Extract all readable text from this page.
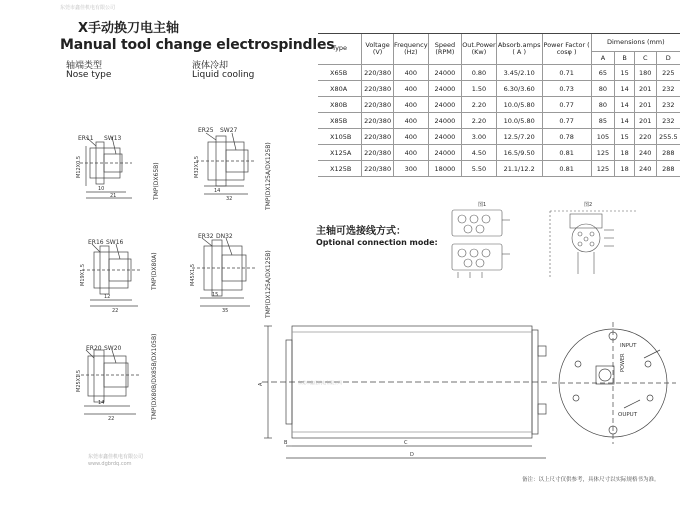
东莞市鑫佳机电有限公司
X手动换刀电主轴
Manual tool change electrospindles
轴端类型
Nose type
液体冷却
Liquid cooling
Type	Voltage (V)	Frequency (Hz)	Speed (RPM)	Out.Power (Kw)	Absorb.amps ( A )	Power Factor ( cosφ )	Dimensions (mm)			
							A	B	C	D
X65B	220/380	400	24000	0.80	3.45/2.10	0.71	65	15	180	225
X80A	220/380	400	24000	1.50	6.30/3.60	0.73	80	14	201	232
X80B	220/380	400	24000	2.20	10.0/5.80	0.77	80	14	201	232
X85B	220/380	400	24000	2.20	10.0/5.80	0.77	85	14	201	232
X105B	220/380	400	24000	3.00	12.5/7.20	0.78	105	15	220	255.5
X125A	220/380	400	24000	4.50	16.5/9.50	0.81	125	18	240	288
X125B	220/380	300	18000	5.50	21.1/12.2	0.81	125	18	240	288
主轴可选接线方式：
Optional connection mode:
ER11 SW13
M12X0.5
10
21	TMP(DX65B)
ER25 SW27
M32X1.5
14
32	TMP(DX125A/DX125B)
ER16 SW16
M19X1.5
12
22
TMP(DX80A)
ER32 DN32
M45X1.5
15
35	TMP(DX125A/DX125B)
ER20 SW20
M25X1.5
14
22	TMP(DX80B/DX85B/DX105B)
图1	图2
A
B	C
D
东莞市鑫佳机电有限公司
POWER
INPUT
OUPUT
东莞市鑫佳机电有限公司
www.dgbrdq.com
备注：以上尺寸仅供参考，具体尺寸以实际规格书为准。
